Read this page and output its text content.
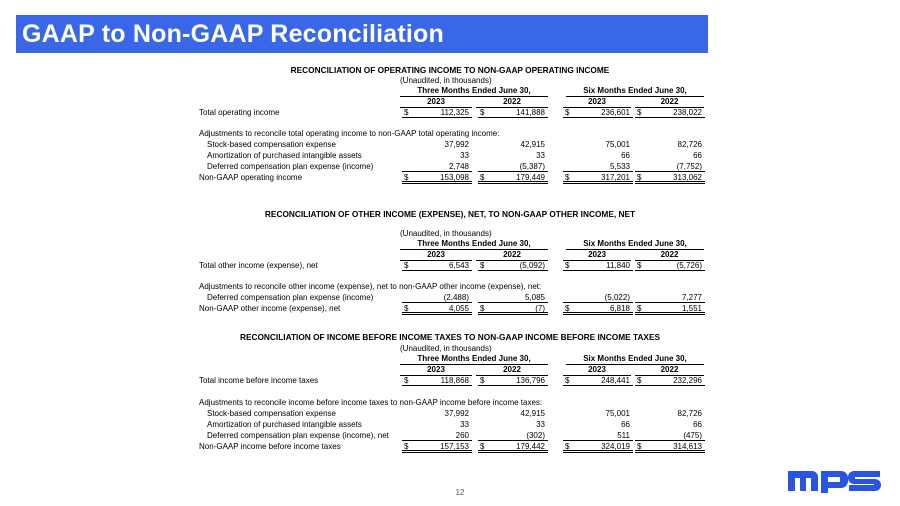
GAAP to Non-GAAP Reconciliation
RECONCILIATION OF OPERATING INCOME TO NON-GAAP OPERATING INCOME
(Unaudited, in thousands)
Three Months Ended June 30,	Six Months Ended June 30,
2023	2022	2023	2022
Total operating income	$	112,325 $	141,888	$	236,601 $	238,022
Adjustments to reconcile total operating income to non-GAAP total operating income:
Stock-based compensation expense	37,992	42,915	75,001	82,726
Amortization of purchased intangible assets	33	33	66	66
Deferred compensation plan expense (income)	2,748	(5,387)	5,533	(7,752)
Non-GAAP operating income	$	153,098 $	179,449	$	317,201 $	313,062
RECONCILIATION OF OTHER INCOME (EXPENSE), NET, TO NON-GAAP OTHER INCOME, NET
(Unaudited, in thousands)
Three Months Ended June 30,	Six Months Ended June 30,
2023	2022	2023	2022
Total other income (expense), net	$	6,543 $	(5,092)	$	11,840 $	(5,726)
Adjustments to reconcile other income (expense), net to non-GAAP other income (expense), net:
Deferred compensation plan expense (income)	(2,488)	5,085	(5,022)	7,277
Non-GAAP other income (expense), net	$	4,055 $	(7)	$	6,818 $	1,551
RECONCILIATION OF INCOME BEFORE INCOME TAXES TO NON-GAAP INCOME BEFORE INCOME TAXES
(Unaudited, in thousands)
Three Months Ended June 30,	Six Months Ended June 30,
2023	2022	2023	2022
Total income before income taxes	$	118,868 $	136,796	$	248,441 $	232,296
Adjustments to reconcile income before income taxes to non-GAAP income before income taxes:
Stock-based compensation expense	37,992	42,915	75,001	82,726
Amortization of purchased intangible assets	33	33	66	66
Deferred compensation plan expense (income), net	260	(302)	511	(475)
Non-GAAP income before income taxes	$	157,153 $	179,442	$	324,019 $	314,613
12
